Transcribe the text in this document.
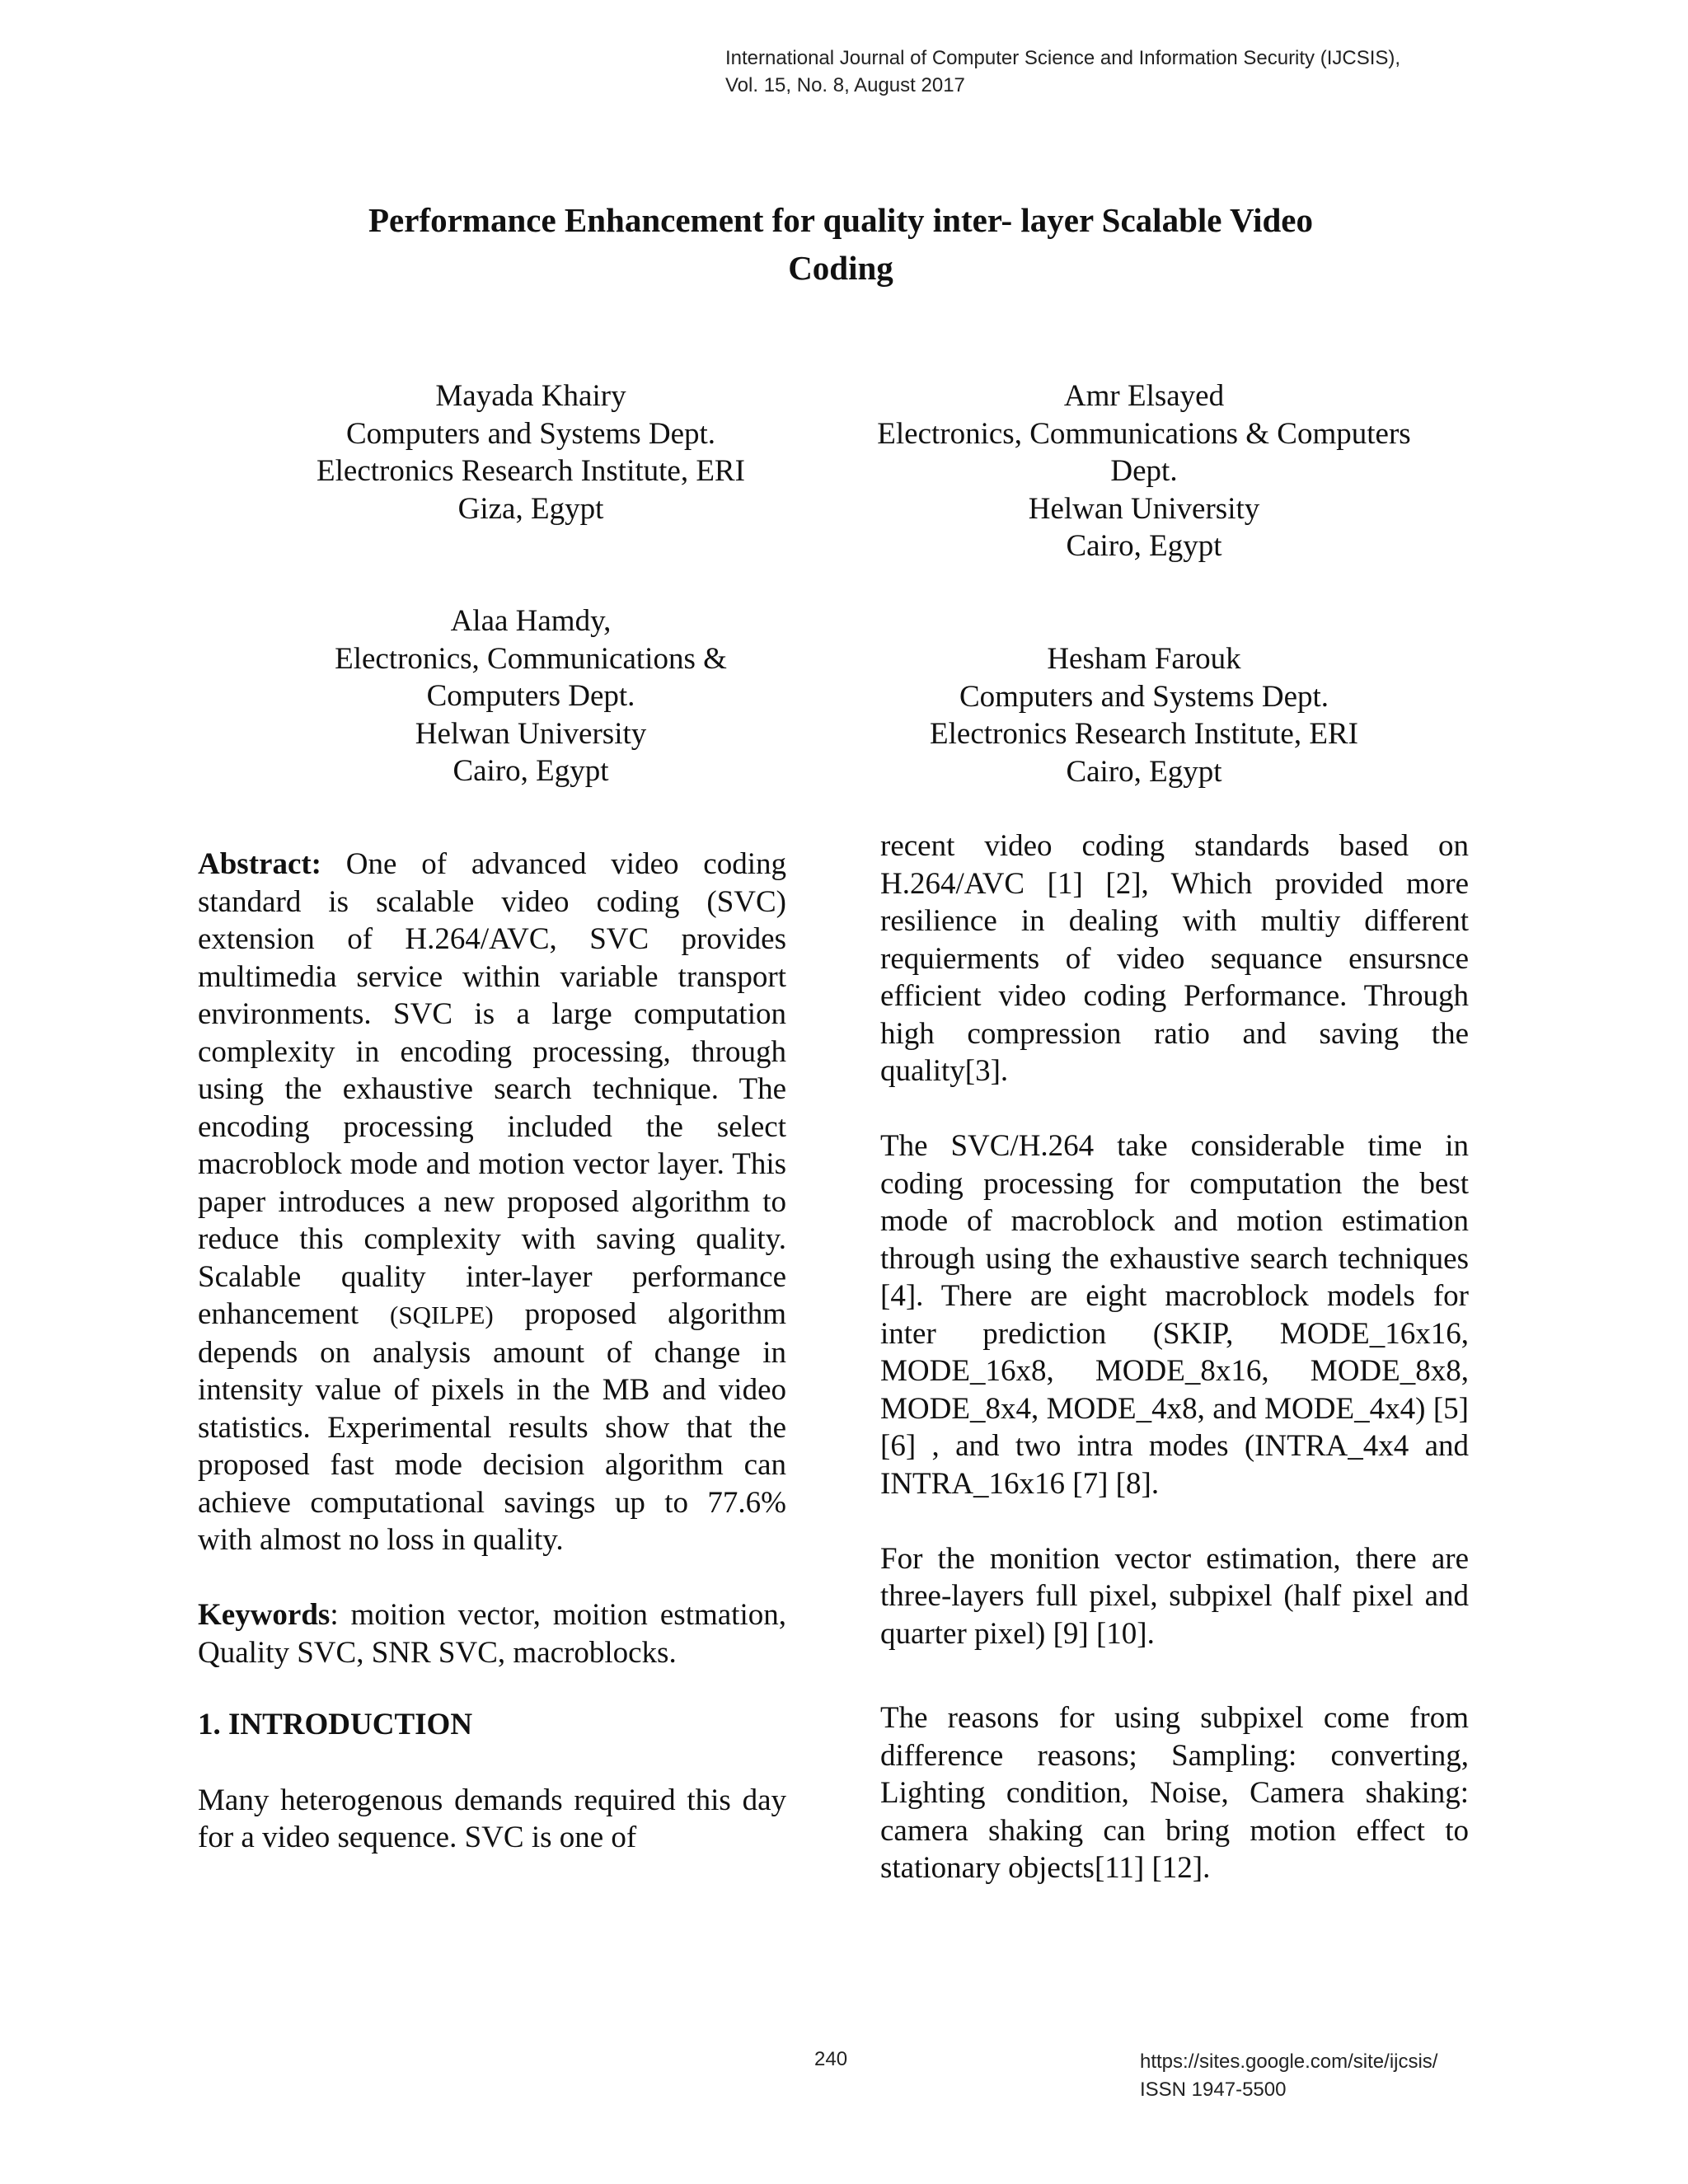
International Journal of Computer Science and Information Security (IJCSIS),
Vol. 15, No. 8, August 2017
Performance Enhancement for quality inter- layer Scalable Video
Coding
Mayada Khairy
Computers and Systems Dept.
Electronics Research Institute, ERI
Giza, Egypt
Amr Elsayed
Electronics, Communications & Computers
Dept.
Helwan University
Cairo, Egypt
Alaa Hamdy,
Electronics, Communications &
Computers Dept.
Helwan University
Cairo, Egypt
Hesham Farouk
Computers and Systems Dept.
Electronics Research Institute, ERI
Cairo, Egypt

Abstract: One of advanced video coding standard is scalable video coding (SVC) extension of H.264/AVC, SVC provides multimedia service within variable transport environments. SVC is a large computation complexity in encoding processing, through using the exhaustive search technique. The encoding processing included the select macroblock mode and motion vector layer. This paper introduces a new proposed algorithm to reduce this complexity with saving quality. Scalable quality inter-layer performance enhancement (SQILPE) proposed algorithm depends on analysis amount of change in intensity value of pixels in the MB and video statistics. Experimental results show that the proposed fast mode decision algorithm can achieve computational savings up to 77.6% with almost no loss in quality.

Keywords: moition vector, moition estmation, Quality SVC, SNR SVC, macroblocks.

1. INTRODUCTION

Many heterogenous demands required this day for a video sequence. SVC is one of

recent video coding standards based on H.264/AVC [1] [2], Which provided more resilience in dealing with multiy different requierments of video sequance ensursnce efficient video coding Performance. Through high compression ratio and saving the quality[3].

The SVC/H.264 take considerable time in coding processing for computation the best mode of macroblock and motion estimation through using the exhaustive search techniques [4]. There are eight macroblock models for inter prediction (SKIP, MODE_16x16, MODE_16x8, MODE_8x16, MODE_8x8, MODE_8x4, MODE_4x8, and MODE_4x4) [5] [6] , and two intra modes (INTRA_4x4 and INTRA_16x16 [7] [8].

For the monition vector estimation, there are three-layers full pixel, subpixel (half pixel and quarter pixel) [9] [10].

The reasons for using subpixel come from difference reasons; Sampling: converting, Lighting condition, Noise, Camera shaking: camera shaking can bring motion effect to stationary objects[11] [12].

240	https://sites.google.com/site/ijcsis/
ISSN 1947-5500
